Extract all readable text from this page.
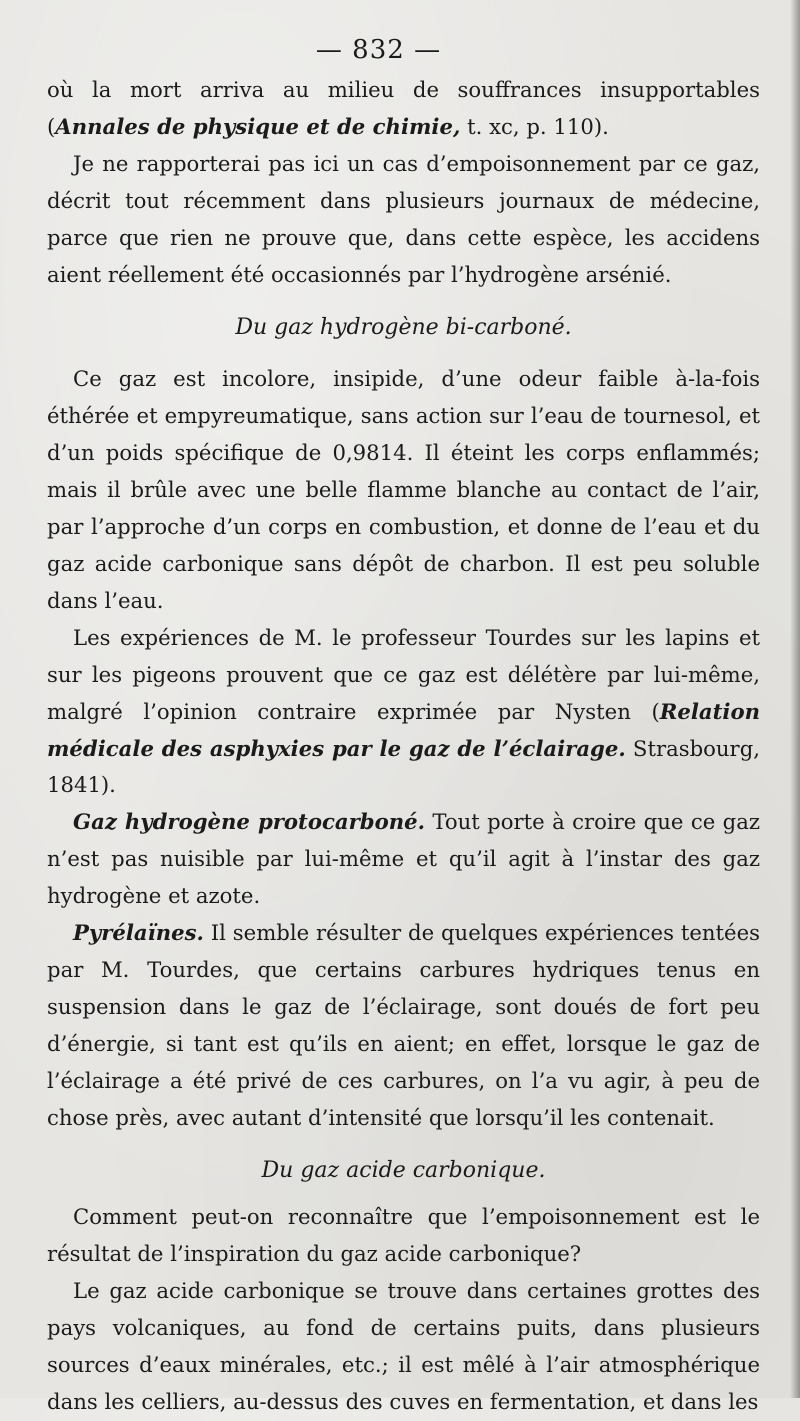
— 832 —

où la mort arriva au milieu de souffrances insupportables (Annales de physique et de chimie, t. xc, p. 110).

Je ne rapporterai pas ici un cas d’empoisonnement par ce gaz, décrit tout récemment dans plusieurs journaux de médecine, parce que rien ne prouve que, dans cette espèce, les accidens aient réellement été occasionnés par l’hydrogène arsénié.

Du gaz hydrogène bi-carboné.

Ce gaz est incolore, insipide, d’une odeur faible à-la-fois éthérée et empyreumatique, sans action sur l’eau de tournesol, et d’un poids spécifique de 0,9814. Il éteint les corps enflammés; mais il brûle avec une belle flamme blanche au contact de l’air, par l’approche d’un corps en combustion, et donne de l’eau et du gaz acide carbonique sans dépôt de charbon. Il est peu soluble dans l’eau.

Les expériences de M. le professeur Tourdes sur les lapins et sur les pigeons prouvent que ce gaz est délétère par lui-même, malgré l’opinion contraire exprimée par Nysten (Relation médicale des asphyxies par le gaz de l’éclairage. Strasbourg, 1841).

Gaz hydrogène protocarboné. Tout porte à croire que ce gaz n’est pas nuisible par lui-même et qu’il agit à l’instar des gaz hydrogène et azote.

Pyrélaïnes. Il semble résulter de quelques expériences tentées par M. Tourdes, que certains carbures hydriques tenus en suspension dans le gaz de l’éclairage, sont doués de fort peu d’énergie, si tant est qu’ils en aient; en effet, lorsque le gaz de l’éclairage a été privé de ces carbures, on l’a vu agir, à peu de chose près, avec autant d’intensité que lorsqu’il les contenait.

Du gaz acide carbonique.

Comment peut-on reconnaître que l’empoisonnement est le résultat de l’inspiration du gaz acide carbonique?

Le gaz acide carbonique se trouve dans certaines grottes des pays volcaniques, au fond de certains puits, dans plusieurs sources d’eaux minérales, etc.; il est mêlé à l’air atmosphérique dans les celliers, au-dessus des cuves en fermentation, et dans les
